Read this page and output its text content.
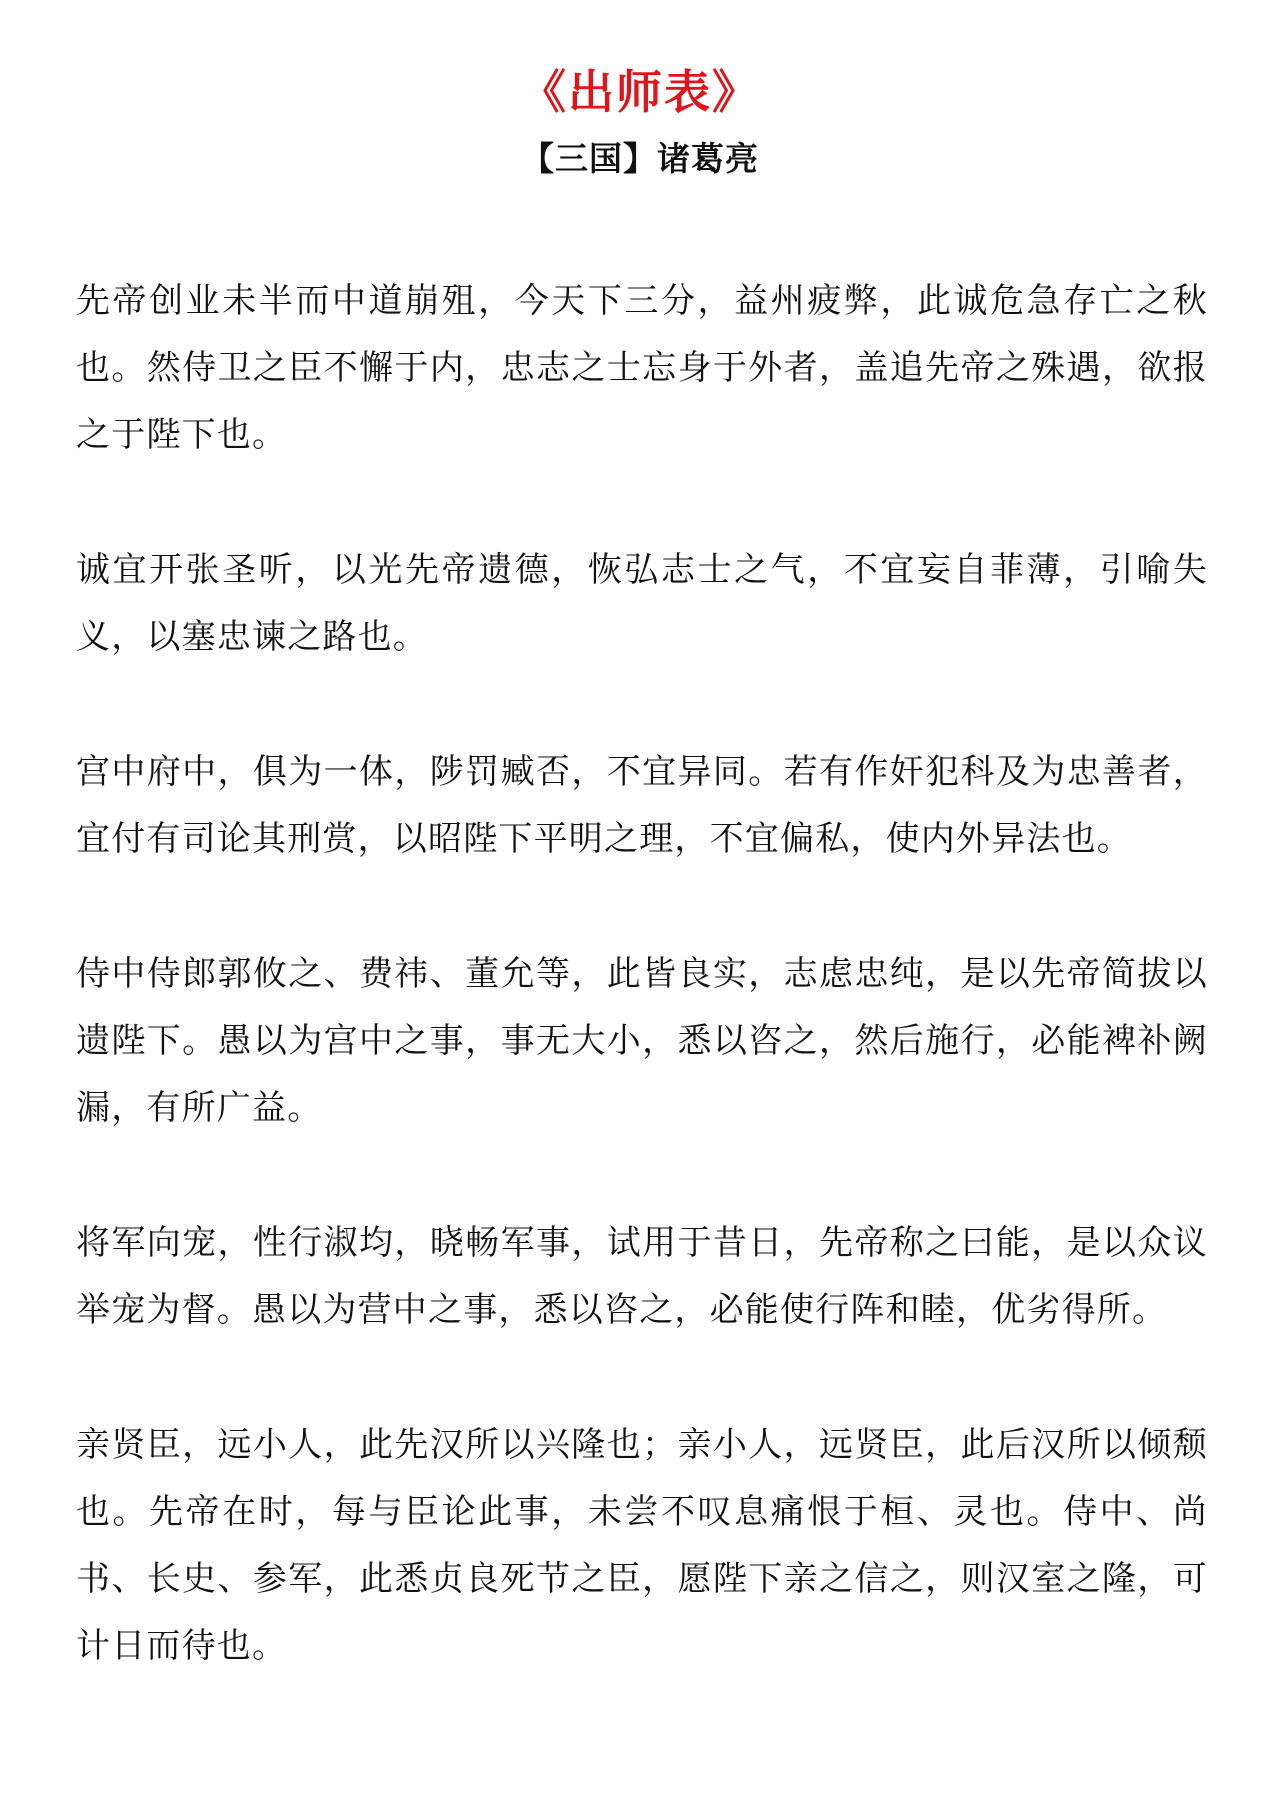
《出师表》
【三国】诸葛亮

先帝创业未半而中道崩殂，今天下三分，益州疲弊，此诚危急存亡之秋也。然侍卫之臣不懈于内，忠志之士忘身于外者，盖追先帝之殊遇，欲报之于陛下也。

诚宜开张圣听，以光先帝遗德，恢弘志士之气，不宜妄自菲薄，引喻失义，以塞忠谏之路也。

宫中府中，俱为一体，陟罚臧否，不宜异同。若有作奸犯科及为忠善者，宜付有司论其刑赏，以昭陛下平明之理，不宜偏私，使内外异法也。

侍中侍郎郭攸之、费祎、董允等，此皆良实，志虑忠纯，是以先帝简拔以遗陛下。愚以为宫中之事，事无大小，悉以咨之，然后施行，必能裨补阙漏，有所广益。

将军向宠，性行淑均，晓畅军事，试用于昔日，先帝称之曰能，是以众议举宠为督。愚以为营中之事，悉以咨之，必能使行阵和睦，优劣得所。

亲贤臣，远小人，此先汉所以兴隆也；亲小人，远贤臣，此后汉所以倾颓也。先帝在时，每与臣论此事，未尝不叹息痛恨于桓、灵也。侍中、尚书、长史、参军，此悉贞良死节之臣，愿陛下亲之信之，则汉室之隆，可计日而待也。
